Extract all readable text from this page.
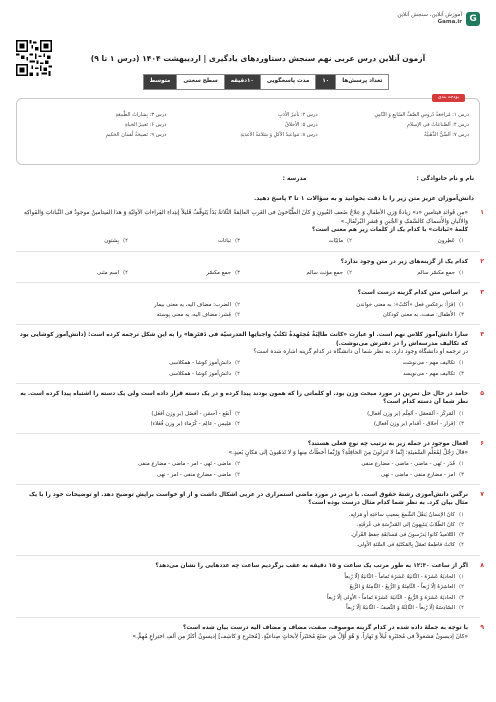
G
آموزش آنلاین، سنجش آنلاین
Gama.ir
آزمون آنلاین درس عربی نهم سنجش دستاوردهای یادگیری | اردیبهشت ۱۴۰۴ (درس ۱ تا ۹)
تعداد پرسش‌ها
۱۰
مدت پاسخگویی
۱۰دقیقه
سطح سختی
متوسط
بودجه بندی
درس ۱: مُراجَعَةُ دُروسِ الصَّفِّ السّابِعِ وَ الثّامِنِ
درس ۲: تأثیرُ الأدَبِ
درس ۳: بِشاراتُ الطَّبیعَةِ
درس ۴: اَلصِّناعاتُ فی الإسلامِ
درس ۵: الأخلاقُ
درس ۶: تَغییرُ الحَیاةِ
درس ۷: اَلسِّنُّ الذَّهَبیَّةُ
درس ۸: مَواعیدُ الأکلِ وَ سَلامَةُ الأغذیَةِ
درس ۹: نَصیحَةُ لُقمانَ الحَکیمِ
نام و نام خانوادگی :
مدرسه :
دانش‌آموزان عزیز متن زیر را با دقت بخوانید و به سؤالات ۱ تا ۳ پاسخ دهید.
۱
«مِن فَوائدِ فیتامینِ «د» زیادةُ وَزنِ الأطفالِ وَ عِلاجُ ضَعفِ العُیونِ وَ کانَ الطَّبّاخونَ فی الغَربِ العالِمَةُ الثّلاثةُ بَدَأ یَتَوقَّفُ قَلیلاً إبتِداءِ القِراءاتِ الأولیّةِ وَ هذا الفیتامینُ موجودٌ فی النَّباتاتِ وَالفَواکِهِ وَالأَلبانِ وَالأَسماکِ کالسَّمَکِ وَ الجُبنِ وَ قِشرِ البُرتُقالِ.»
کلمهٔ «نَباتات» با کدام یک از کلمات زیر هم معنی است؟
۱)
عَطِرون
۲)
مائِیّات
۳)
نباتات
۴)
بِشتون
۲
کدام یک از گزینه‌های زیر در متن وجود ندارد؟
۱)
جمع مکسّر سالم
۲)
جمع مؤنث سالم
۳)
جمع مکسّر
۴)
اسم مثنی
۳
بر اساس متن کدام گزینه درست است؟
۱)
اِقرَأ: برعکس فعل «اُکتُبْ»: به معنی خواندن
۲)
الضرب: مضاف الیه، به معنی بیمار
۳)
الأطفال: صفت، به معنی کودکان
۴)
قِشر: مضاف الیه، به معنی پوسته
۴
سارا دانش‌آموز کلاس نهم است. او عبارت «کانت طالِبَةٌ مُجتَهِدةٌ تَکتُبُ واجباتِها المَدرسیّة فی دَفتَرِها» را به این شکل ترجمه کرده است: (دانش‌آموز کوشایی بود که تکالیف مدرسه‌اش را در دفترش می‌نوشت.)
در ترجمه او دانشگاه وجود دارد. به نظر شما آن دانشگاه در کدام گزینه اشاره شده است؟
۱)
تکالیف مهم - می‌نوشت
۲)
دانش‌آموز کوشا - همکلاسی
۳)
تکالیف مهم - می‌نویسد
۴)
دانش‌آموز کوشا - همکلاسی
۵
حامد در حال حل تمرین در مورد مبحث وزن بود. او کلماتی را که همون بودند پیدا کرده و در یک دسته قرار داده است ولی یک دسته را اشتباه پیدا کرده است. به نظر شما آن دسته کدام است؟
۱)
اَلمَرکَز - اَلمَعمَل - اَلعِلْم (بر وزن اَفعال)
۲)
اَنفَع - اَحسَن - اَفضَل (بر وزن اَفعَل)
۳)
اِقرار - أخلاق - أقدام (بر وزن اَفعال)
۴)
مَلِیس - عالِم - کُرَماء (بر وزن فُعَلاء)
۶
افعال موجود در جمله زیر به ترتیب چه نوع فعلی هستند؟
«قالَ رَجُلٌ لِمُعَلِّمِ السَّفینَةِ: إِنَّما لا تَنزِلونَ مِنَ الحافِلَةِ؟ وَرُبَّما أخطَأتُ مِنها وَ لا تَذهَبونَ إلی مَکانٍ بَعیدٍ.»
۱)
قَدَر - نَهی - ماضی - ماضی - مضارع منفی
۲)
ماضی - نَهی - امر - ماضی - مضارع منفی
۳)
امر - مضارع منفی - ماضی - نهی
۴)
ماضی - مضارع منفی - امر - نهی
۷
نرگس دانش‌آموزی رشتهٔ حقوق است. با درس در مورد ماضی استمراری در عربی اشکال داشت و از او خواست برایش توضیح دهد. او توضیحات خود را با یک مثال بیان کرد. به نظر شما کدام مثال درست بوده است؟
۱)
کانَ الإنسانُ یَنقُلُ الشَّمعَ بِمعیبِ ساحَتِهِ أو مَزایِه.
۲)
کانَ الطّلابُ یَنتَبِهونَ إلی المُدرِّسَةِ فی غُرفَتِهِ.
۳)
التّلامیذُ کانوا یَدرُسونَ فی مُسابَقَةِ حِفظِ القُرآنِ.
۴)
کانَتْ فاطِمةُ تَعمَلُ بِالمَکتَبَةِ فی السَّنَةِ الأولی.
۸
اگر از ساعت ۱۲:۳۰ به طور مرتب یک ساعت و ۱۵ دقیقه به عقب برگردیم ساعت چه عددهایی را نشان می‌دهد؟
۱)
الحادیَةُ عَشرَةَ - الثّانیَةُ عَشرَةَ تَماماً - الثّانیَةُ إلّا رُبعاً
۲)
العاشِرَةُ إلّا رُبعاً - الثّامِنَةُ وَ الرُّبعُ - الثّامِنَةُ وَ الرُّبعُ
۳)
الحادیَةَ عَشرَةَ وَ الرُّبعُ - الثّانیَةَ عَشرَةَ تَماماً - الأولی إلّا رُبعاً
۴)
السّادِسَةُ إلّا رُبعاً - الثّالِثَةُ وَ النِّصفُ - الثّانیَةُ إلّا رُبعاً
۹
با توجه به جملهٔ داده شده در کدام گزینه موصوف، صفت، مضاف و مضاف الیه درست بیان شده است؟
«کانَ إدیسونُ مَشغولاً فی مُختَبَرِهِ لَیلاً وَ نَهاراً. وَ هُوَ أَوَّلُ مَن صَنَعَ مُختَبَراً لِأبحاثٍ صِناعیَّةٍ. [مُختَرِع وَ کاشِف] إدیسونُ أکثَرُ مِن ألفِ اختِراعٍ مُهِمٍّ.»
